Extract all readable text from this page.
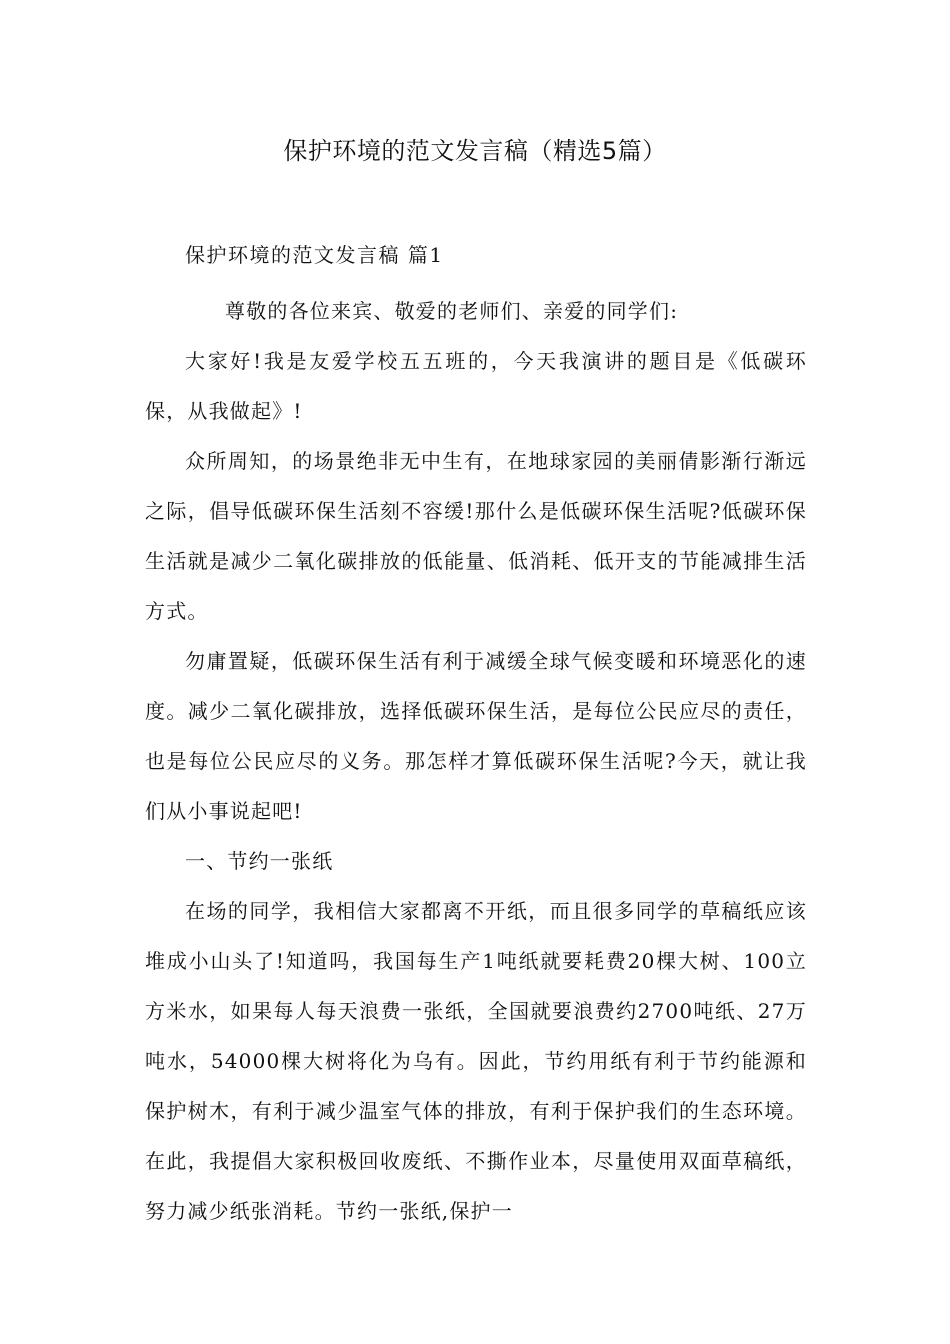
保护环境的范文发言稿（精选5篇）

保护环境的范文发言稿 篇1

尊敬的各位来宾、敬爱的老师们、亲爱的同学们:

大家好!我是友爱学校五五班的，今天我演讲的题目是《低碳环保，从我做起》!

众所周知，的场景绝非无中生有，在地球家园的美丽倩影渐行渐远之际，倡导低碳环保生活刻不容缓!那什么是低碳环保生活呢?低碳环保生活就是减少二氧化碳排放的低能量、低消耗、低开支的节能减排生活方式。

勿庸置疑，低碳环保生活有利于减缓全球气候变暖和环境恶化的速度。减少二氧化碳排放，选择低碳环保生活，是每位公民应尽的责任，也是每位公民应尽的义务。那怎样才算低碳环保生活呢?今天，就让我们从小事说起吧!

一、节约一张纸

在场的同学，我相信大家都离不开纸，而且很多同学的草稿纸应该堆成小山头了!知道吗，我国每生产1吨纸就要耗费20棵大树、100立方米水，如果每人每天浪费一张纸，全国就要浪费约2700吨纸、27万吨水，54000棵大树将化为乌有。因此，节约用纸有利于节约能源和保护树木，有利于减少温室气体的排放，有利于保护我们的生态环境。在此，我提倡大家积极回收废纸、不撕作业本，尽量使用双面草稿纸，努力减少纸张消耗。节约一张纸,保护一
